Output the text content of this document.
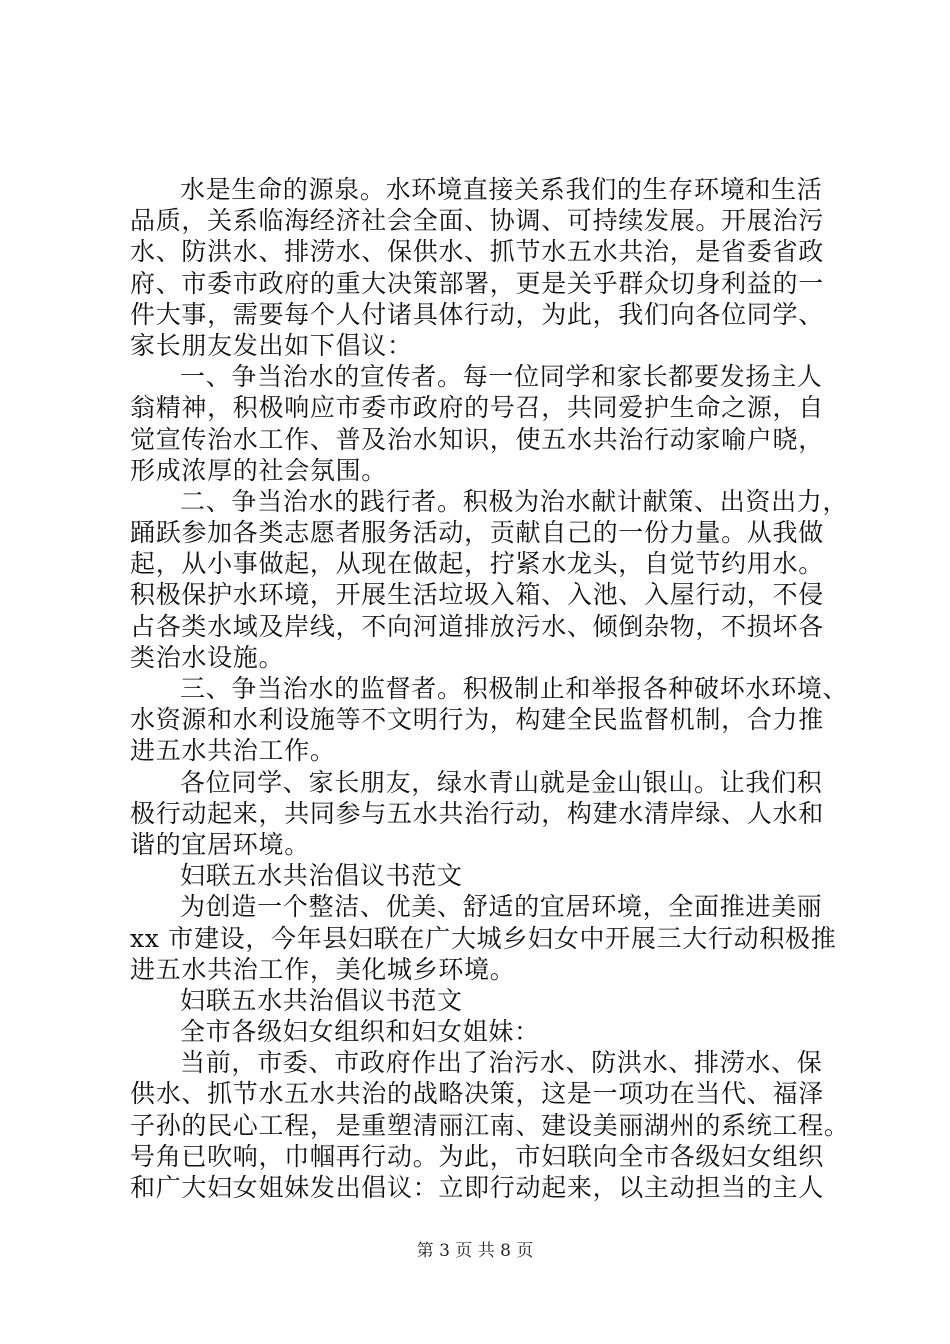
水是生命的源泉。水环境直接关系我们的生存环境和生活
品质，关系临海经济社会全面、协调、可持续发展。开展治污
水、防洪水、排涝水、保供水、抓节水五水共治，是省委省政
府、市委市政府的重大决策部署，更是关乎群众切身利益的一
件大事，需要每个人付诸具体行动，为此，我们向各位同学、
家长朋友发出如下倡议：
一、争当治水的宣传者。每一位同学和家长都要发扬主人
翁精神，积极响应市委市政府的号召，共同爱护生命之源，自
觉宣传治水工作、普及治水知识，使五水共治行动家喻户晓，
形成浓厚的社会氛围。
二、争当治水的践行者。积极为治水献计献策、出资出力，
踊跃参加各类志愿者服务活动，贡献自己的一份力量。从我做
起，从小事做起，从现在做起，拧紧水龙头，自觉节约用水。
积极保护水环境，开展生活垃圾入箱、入池、入屋行动，不侵
占各类水域及岸线，不向河道排放污水、倾倒杂物，不损坏各
类治水设施。
三、争当治水的监督者。积极制止和举报各种破坏水环境、
水资源和水利设施等不文明行为，构建全民监督机制，合力推
进五水共治工作。
各位同学、家长朋友，绿水青山就是金山银山。让我们积
极行动起来，共同参与五水共治行动，构建水清岸绿、人水和
谐的宜居环境。
妇联五水共治倡议书范文
为创造一个整洁、优美、舒适的宜居环境，全面推进美丽
xx 市建设，今年县妇联在广大城乡妇女中开展三大行动积极推
进五水共治工作，美化城乡环境。
妇联五水共治倡议书范文
全市各级妇女组织和妇女姐妹：
当前，市委、市政府作出了治污水、防洪水、排涝水、保
供水、抓节水五水共治的战略决策，这是一项功在当代、福泽
子孙的民心工程，是重塑清丽江南、建设美丽湖州的系统工程。
号角已吹响，巾帼再行动。为此，市妇联向全市各级妇女组织
和广大妇女姐妹发出倡议：立即行动起来，以主动担当的主人
第 3 页 共 8 页
